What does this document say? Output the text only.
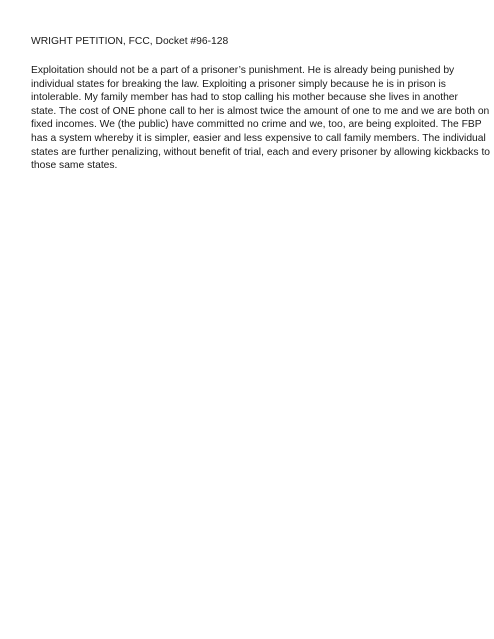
WRIGHT PETITION, FCC, Docket #96-128

Exploitation should not be a part of a prisoner’s punishment. He is already being punished by
individual states for breaking the law. Exploiting a prisoner simply because he is in prison is
intolerable. My family member has had to stop calling his mother because she lives in another
state. The cost of ONE phone call to her is almost twice the amount of one to me and we are both on
fixed incomes. We (the public) have committed no crime and we, too, are being exploited. The FBP
has a system whereby it is simpler, easier and less expensive to call family members. The individual
states are further penalizing, without benefit of trial, each and every prisoner by allowing kickbacks to
those same states.
